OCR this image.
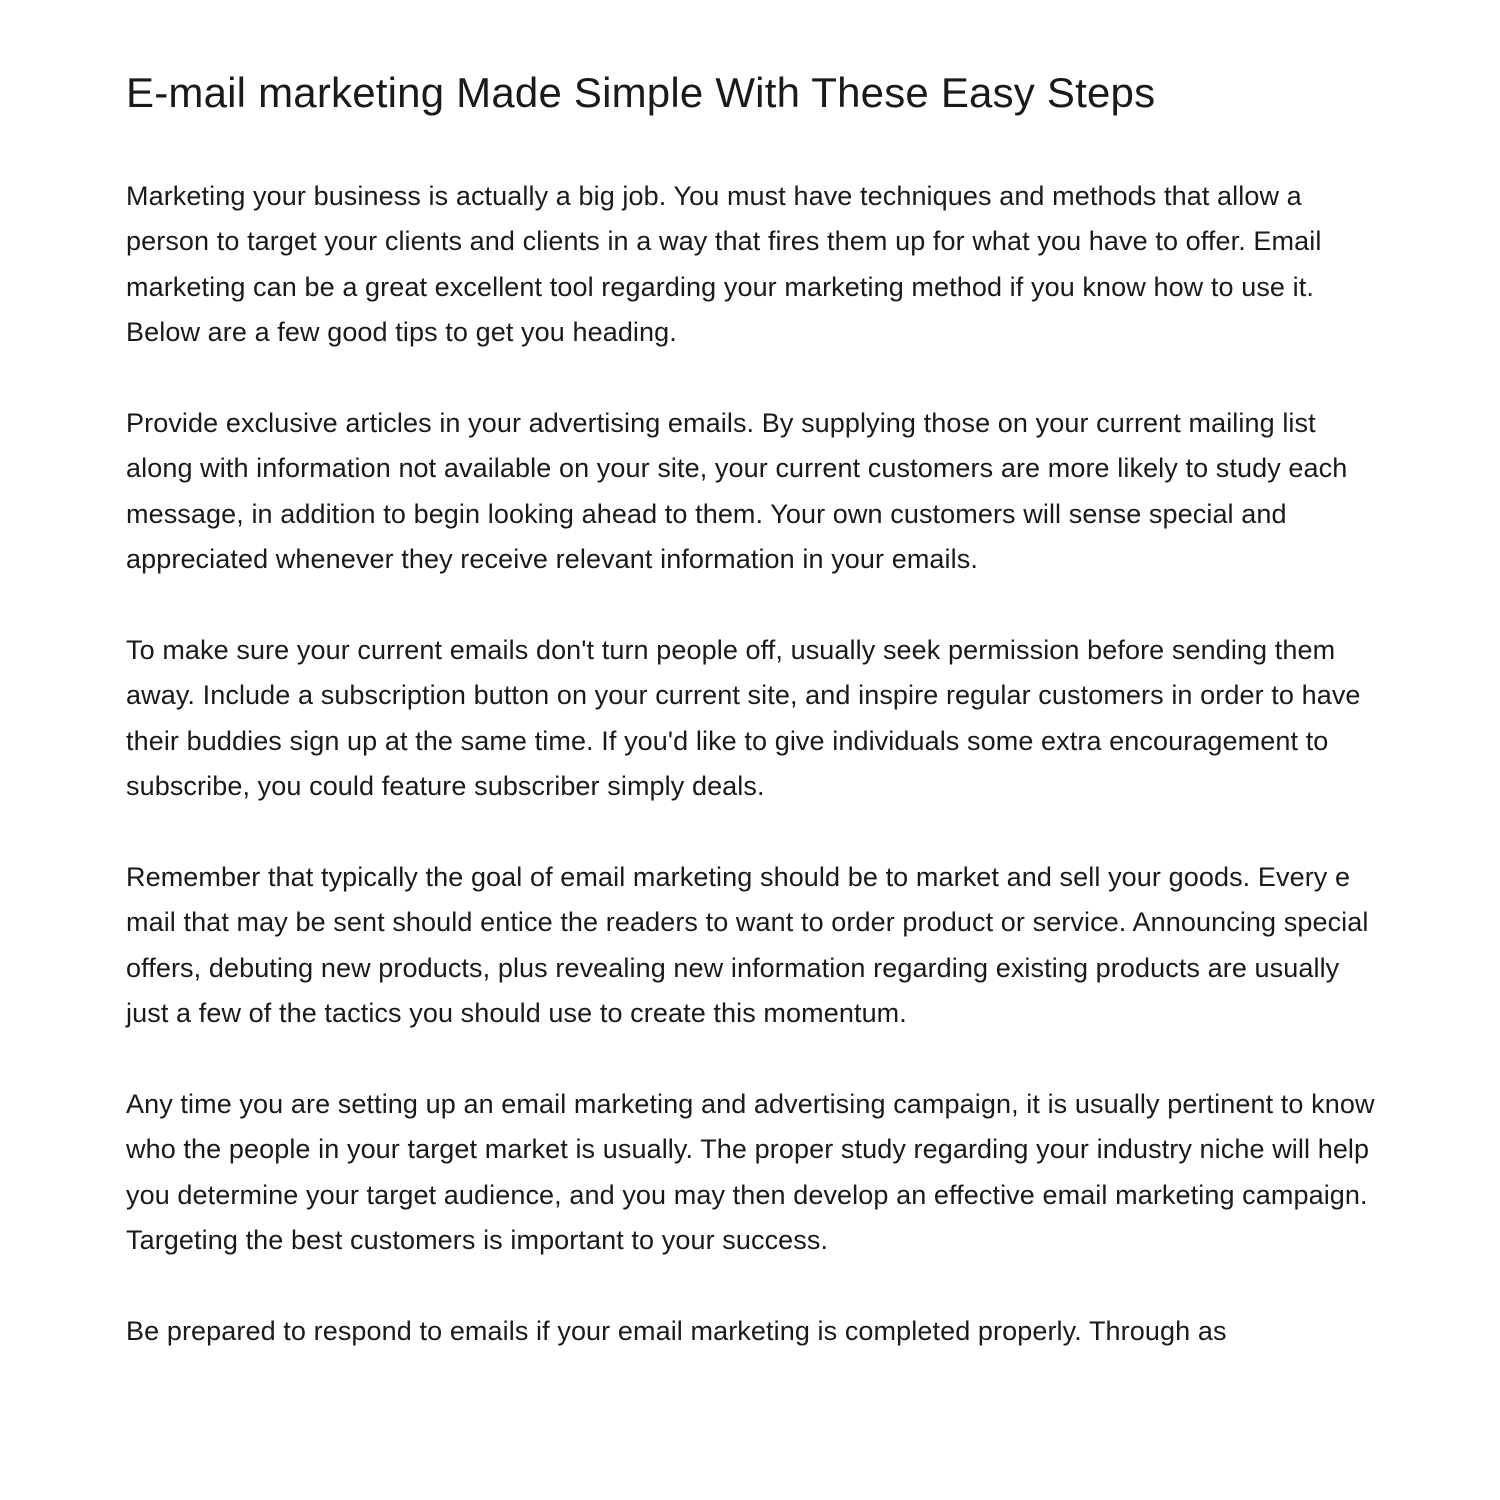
E-mail marketing Made Simple With These Easy Steps

Marketing your business is actually a big job. You must have techniques and methods that allow a person to target your clients and clients in a way that fires them up for what you have to offer. Email marketing can be a great excellent tool regarding your marketing method if you know how to use it. Below are a few good tips to get you heading.

Provide exclusive articles in your advertising emails. By supplying those on your current mailing list along with information not available on your site, your current customers are more likely to study each message, in addition to begin looking ahead to them. Your own customers will sense special and appreciated whenever they receive relevant information in your emails.

To make sure your current emails don't turn people off, usually seek permission before sending them away. Include a subscription button on your current site, and inspire regular customers in order to have their buddies sign up at the same time. If you'd like to give individuals some extra encouragement to subscribe, you could feature subscriber simply deals.

Remember that typically the goal of email marketing should be to market and sell your goods. Every e mail that may be sent should entice the readers to want to order product or service. Announcing special offers, debuting new products, plus revealing new information regarding existing products are usually just a few of the tactics you should use to create this momentum.

Any time you are setting up an email marketing and advertising campaign, it is usually pertinent to know who the people in your target market is usually. The proper study regarding your industry niche will help you determine your target audience, and you may then develop an effective email marketing campaign. Targeting the best customers is important to your success.

Be prepared to respond to emails if your email marketing is completed properly. Through as
